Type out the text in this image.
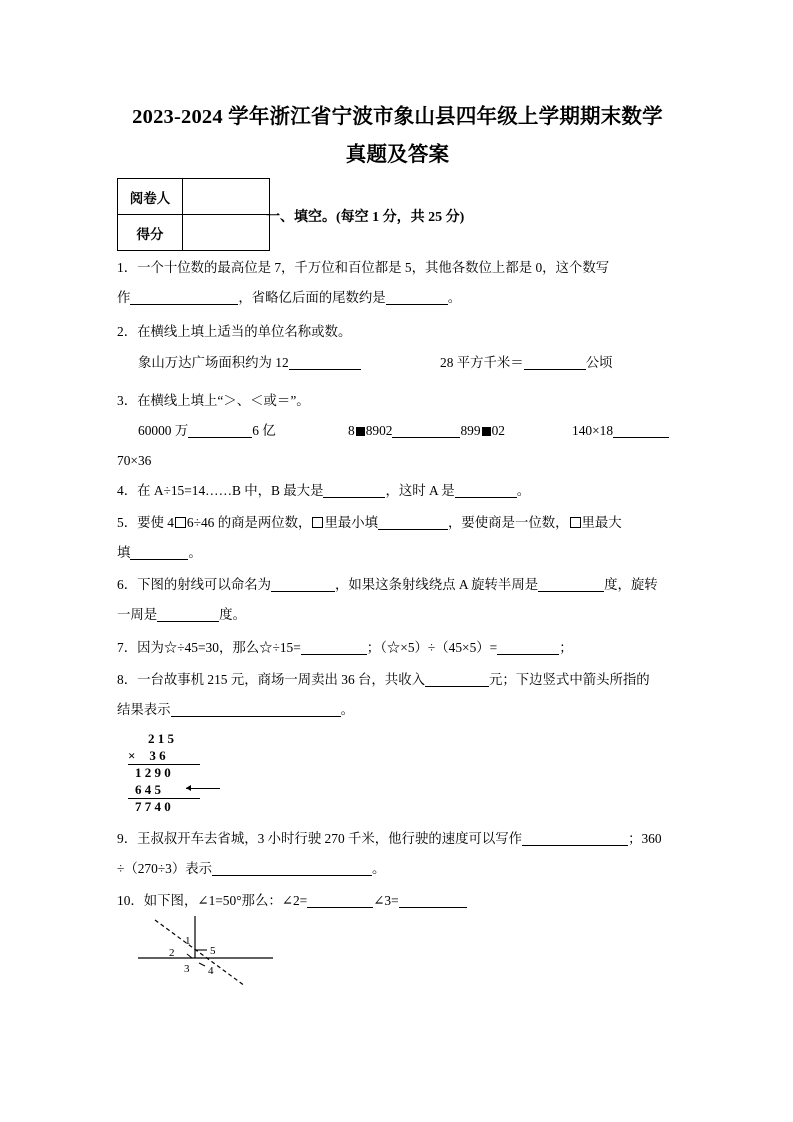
2023-2024 学年浙江省宁波市象山县四年级上学期期末数学
真题及答案
阅卷人	
得分	
一、填空。(每空 1 分，共 25 分)
1．一个十位数的最高位是 7，千万位和百位都是 5，其他各数位上都是 0，这个数写
作	，省略亿后面的尾数约是	。
2．在横线上填上适当的单位名称或数。
象山万达广场面积约为 12	28 平方千米＝	公顷
3．在横线上填上“＞、＜或＝”。
60000 万	6 亿	8 8902	899 02	140×18
70×36
4．在 A÷15=14……B 中，B 最大是	，这时 A 是	。
5．要使 4 6÷46 的商是两位数， 里最小填	，要使商是一位数， 里最大
填	。
6．下图的射线可以命名为	，如果这条射线绕点 A 旋转半周是	度，旋转
一周是	度。
7．因为☆÷45=30，那么☆÷15=	；（☆×5）÷（45×5）=	；
8．一台故事机 215 元，商场一周卖出 36 台，共收入	元；下边竖式中箭头所指的
结果表示	。
2 1 5
× 3 6
1 2 9 0
6 4 5
7 7 4 0
9．王叔叔开车去省城，3 小时行驶 270 千米，他行驶的速度可以写作	；360
÷（270÷3）表示	。
10．如下图，∠1=50°那么：∠2=	∠3=
1
2	5
3 4
